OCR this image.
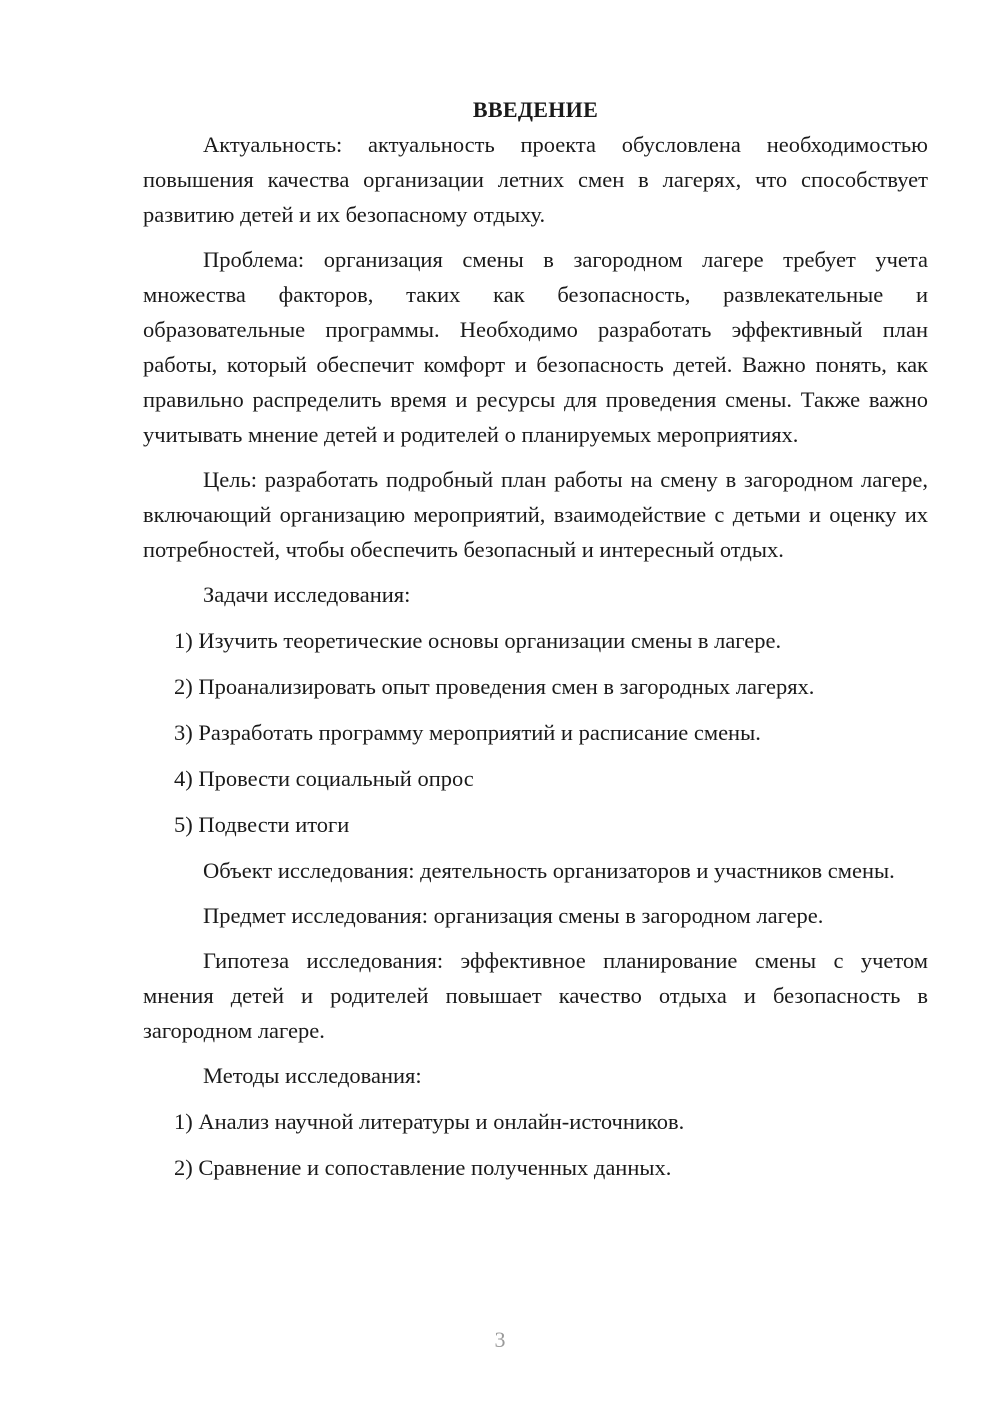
ВВЕДЕНИЕ

Актуальность: актуальность проекта обусловлена необходимостью повышения качества организации летних смен в лагерях, что способствует развитию детей и их безопасному отдыху.

Проблема: организация смены в загородном лагере требует учета множества факторов, таких как безопасность, развлекательные и образовательные программы. Необходимо разработать эффективный план работы, который обеспечит комфорт и безопасность детей. Важно понять, как правильно распределить время и ресурсы для проведения смены. Также важно учитывать мнение детей и родителей о планируемых мероприятиях.

Цель: разработать подробный план работы на смену в загородном лагере, включающий организацию мероприятий, взаимодействие с детьми и оценку их потребностей, чтобы обеспечить безопасный и интересный отдых.

Задачи исследования:

1) Изучить теоретические основы организации смены в лагере.

2) Проанализировать опыт проведения смен в загородных лагерях.

3) Разработать программу мероприятий и расписание смены.

4) Провести социальный опрос

5) Подвести итоги

Объект исследования: деятельность организаторов и участников смены.

Предмет исследования: организация смены в загородном лагере.

Гипотеза исследования: эффективное планирование смены с учетом мнения детей и родителей повышает качество отдыха и безопасность в загородном лагере.

Методы исследования:

1) Анализ научной литературы и онлайн-источников.

2) Сравнение и сопоставление полученных данных.

3
